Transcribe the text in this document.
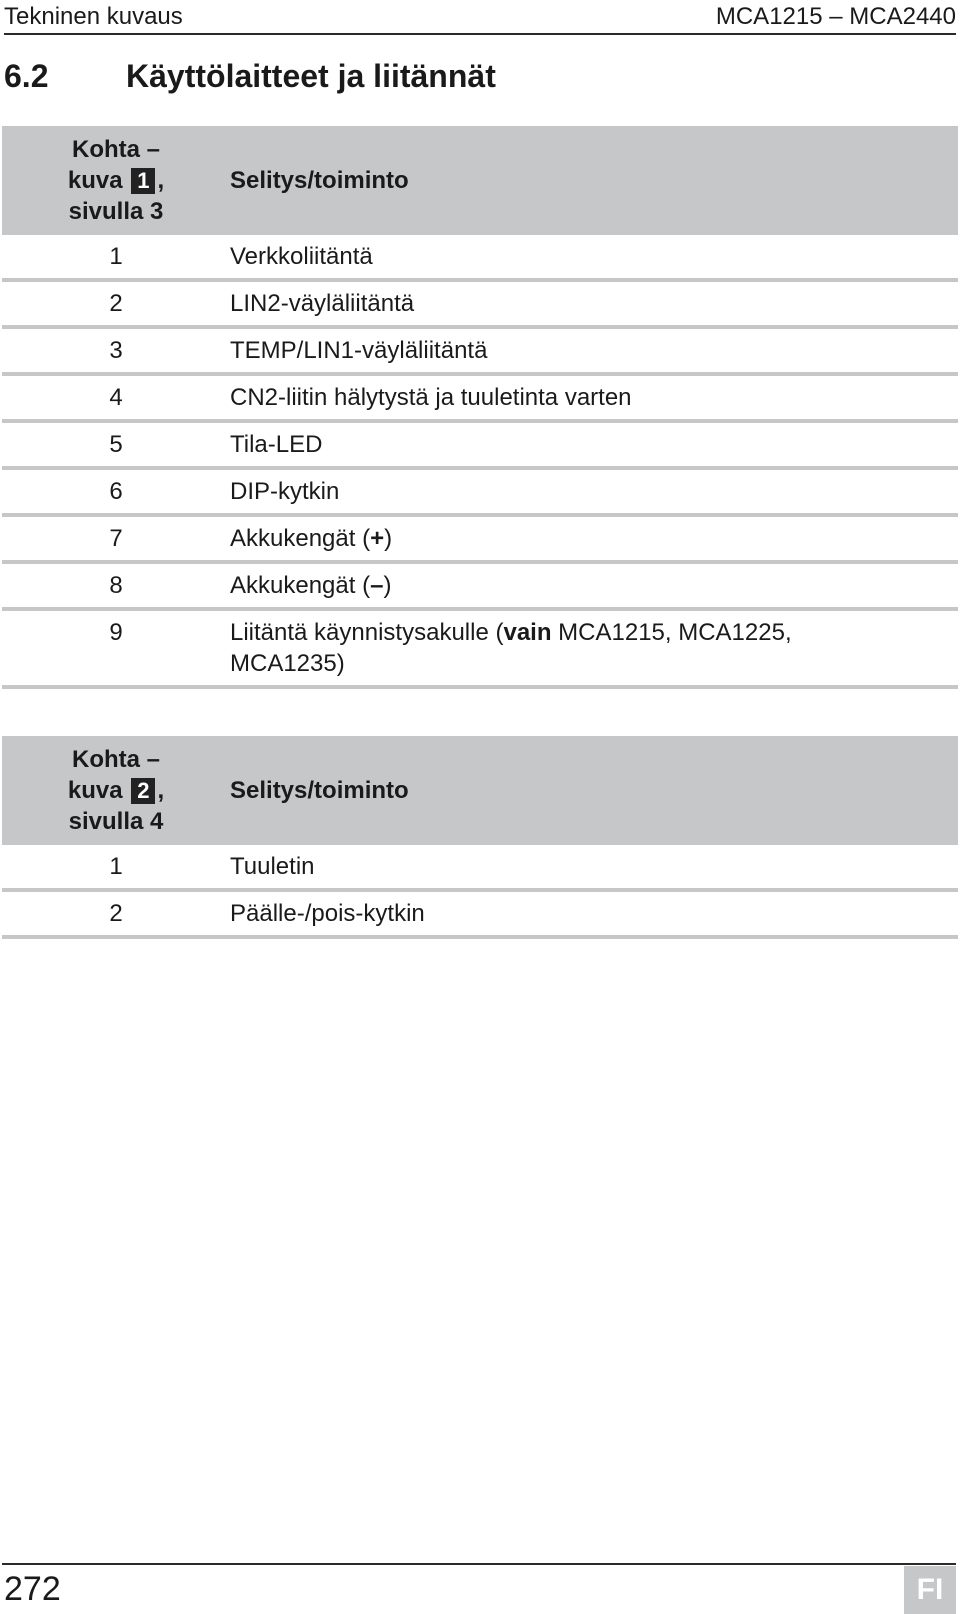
Tekninen kuvaus	MCA1215 – MCA2440
6.2 Käyttölaitteet ja liitännät
Kohta –
kuva 1 ,
sivulla 3	Selitys/toiminto
1	Verkkoliitäntä
2	LIN2-väyläliitäntä
3	TEMP/LIN1-väyläliitäntä
4	CN2-liitin hälytystä ja tuuletinta varten
5	Tila-LED
6	DIP-kytkin
7	Akkukengät (+)
8	Akkukengät (–)
9	Liitäntä käynnistysakulle (vain MCA1215, MCA1225, MCA1235)
Kohta –
kuva 2 ,
sivulla 4	Selitys/toiminto
1	Tuuletin
2	Päälle-/pois-kytkin
272	FI
